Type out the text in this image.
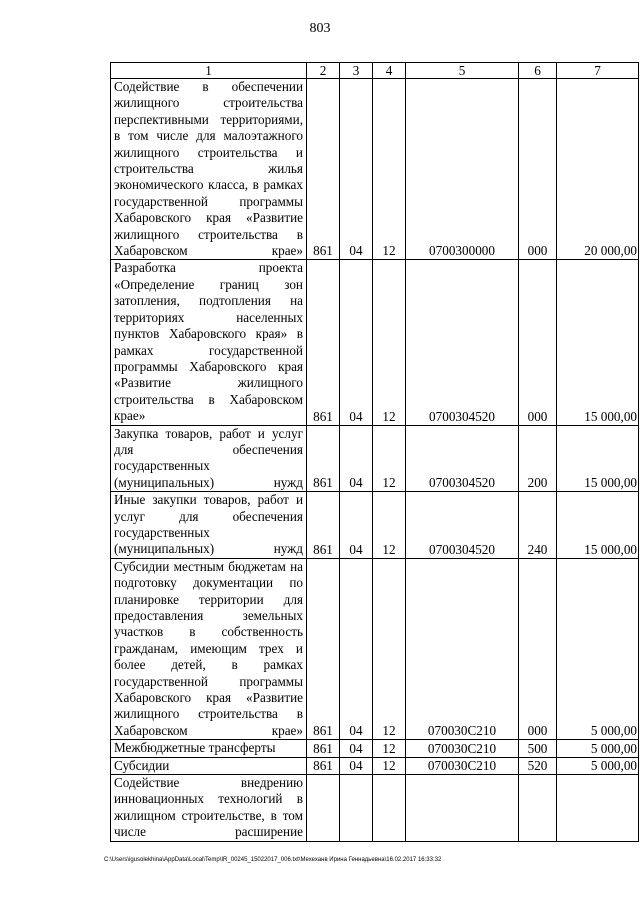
803
1	2	3	4	5	6	7
Содействие в обеспечении жилищного строительства перспективными территориями, в том числе для малоэтажного жилищного строительства и строительства жилья экономического класса, в рамках государственной программы Хабаровского края «Развитие жилищного строительства в Хабаровском крае»	861	04	12	0700300000	000	20 000,00
Разработка проекта «Определение границ зон затопления, подтопления на территориях населенных пунктов Хабаровского края» в рамках государственной программы Хабаровского края «Развитие жилищного строительства в Хабаровском крае»	861	04	12	0700304520	000	15 000,00
Закупка товаров, работ и услуг для обеспечения государственных (муниципальных) нужд	861	04	12	0700304520	200	15 000,00
Иные закупки товаров, работ и услуг для обеспечения государственных (муниципальных) нужд	861	04	12	0700304520	240	15 000,00
Субсидии местным бюджетам на подготовку документации по планировке территории для предоставления земельных участков в собственность гражданам, имеющим трех и более детей, в рамках государственной программы Хабаровского края «Развитие жилищного строительства в Хабаровском крае»	861	04	12	070030С210	000	5 000,00
Межбюджетные трансферты	861	04	12	070030С210	500	5 000,00
Субсидии	861	04	12	070030С210	520	5 000,00
Содействие внедрению инновационных технологий в жилищном строительстве, в том числе расширение						
C:\Users\igusolekhina\AppData\Local\Temp\IR_00245_15022017_006.txt\Мехеханв Ирина Геннадьевна\16.02.2017 16:33:32
